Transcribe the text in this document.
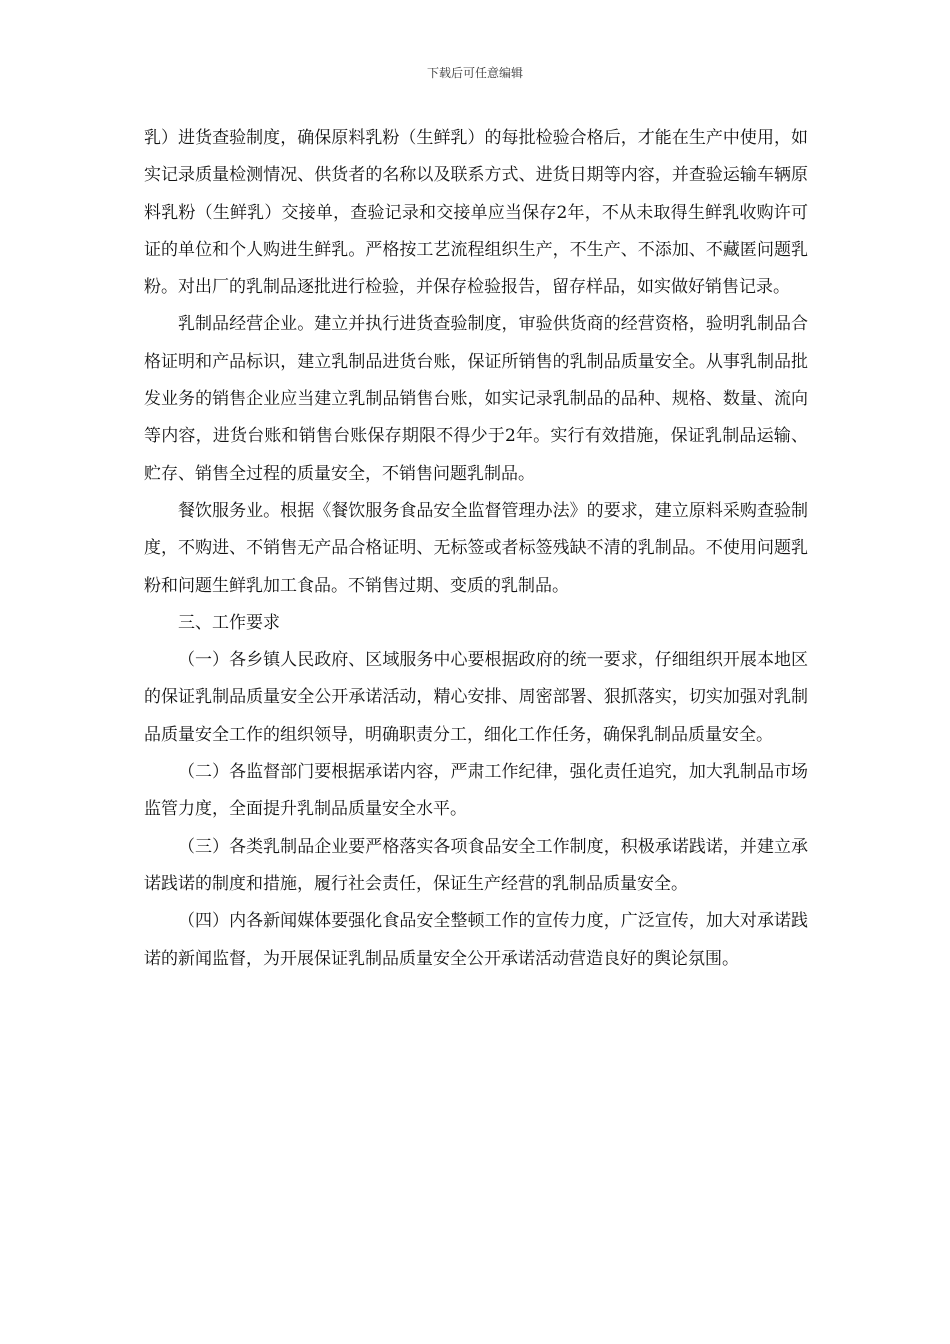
下载后可任意编辑

乳）进货查验制度，确保原料乳粉（生鲜乳）的每批检验合格后，才能在生产中使用，如实记录质量检测情况、供货者的名称以及联系方式、进货日期等内容，并查验运输车辆原料乳粉（生鲜乳）交接单，查验记录和交接单应当保存2年，不从未取得生鲜乳收购许可证的单位和个人购进生鲜乳。严格按工艺流程组织生产，不生产、不添加、不藏匿问题乳粉。对出厂的乳制品逐批进行检验，并保存检验报告，留存样品，如实做好销售记录。

乳制品经营企业。建立并执行进货查验制度，审验供货商的经营资格，验明乳制品合格证明和产品标识，建立乳制品进货台账，保证所销售的乳制品质量安全。从事乳制品批发业务的销售企业应当建立乳制品销售台账，如实记录乳制品的品种、规格、数量、流向等内容，进货台账和销售台账保存期限不得少于2年。实行有效措施，保证乳制品运输、贮存、销售全过程的质量安全，不销售问题乳制品。

餐饮服务业。根据《餐饮服务食品安全监督管理办法》的要求，建立原料采购查验制度，不购进、不销售无产品合格证明、无标签或者标签残缺不清的乳制品。不使用问题乳粉和问题生鲜乳加工食品。不销售过期、变质的乳制品。

三、工作要求

（一）各乡镇人民政府、区域服务中心要根据政府的统一要求，仔细组织开展本地区的保证乳制品质量安全公开承诺活动，精心安排、周密部署、狠抓落实，切实加强对乳制品质量安全工作的组织领导，明确职责分工，细化工作任务，确保乳制品质量安全。

（二）各监督部门要根据承诺内容，严肃工作纪律，强化责任追究，加大乳制品市场监管力度，全面提升乳制品质量安全水平。

（三）各类乳制品企业要严格落实各项食品安全工作制度，积极承诺践诺，并建立承诺践诺的制度和措施，履行社会责任，保证生产经营的乳制品质量安全。

（四）内各新闻媒体要强化食品安全整顿工作的宣传力度，广泛宣传，加大对承诺践诺的新闻监督，为开展保证乳制品质量安全公开承诺活动营造良好的舆论氛围。
